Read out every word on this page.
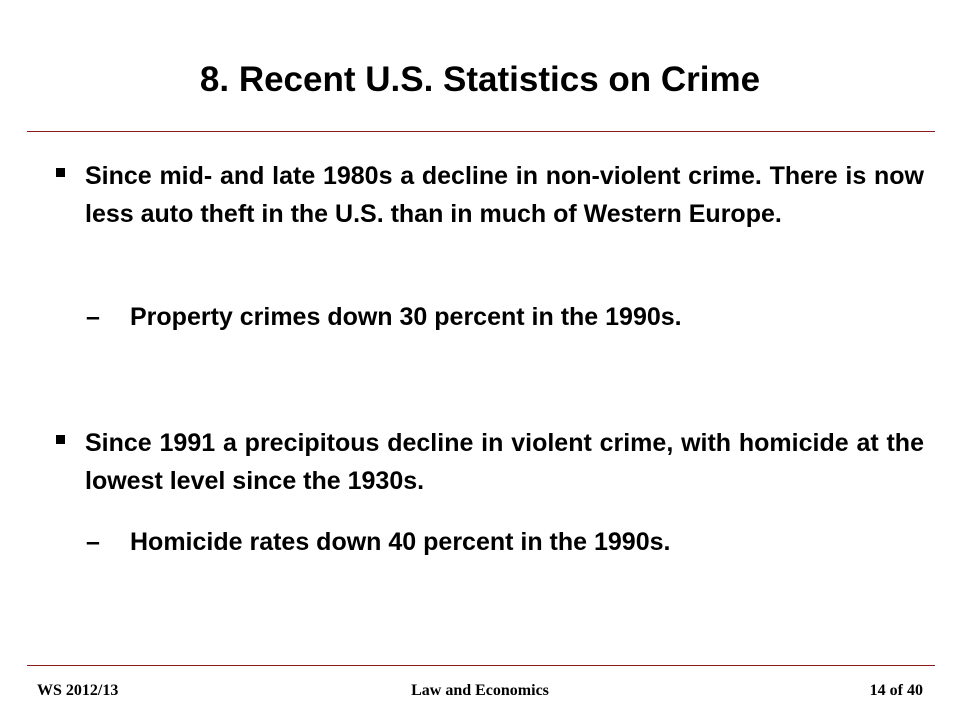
8. Recent U.S. Statistics on Crime
Since mid- and late 1980s a decline in non-violent crime. There is now less auto theft in the U.S. than in much of Western Europe.
– Property crimes down 30 percent in the 1990s.
Since 1991 a precipitous decline in violent crime, with homicide at the lowest level since the 1930s.
– Homicide rates down 40 percent in the 1990s.
WS 2012/13	Law and Economics	14 of 40
